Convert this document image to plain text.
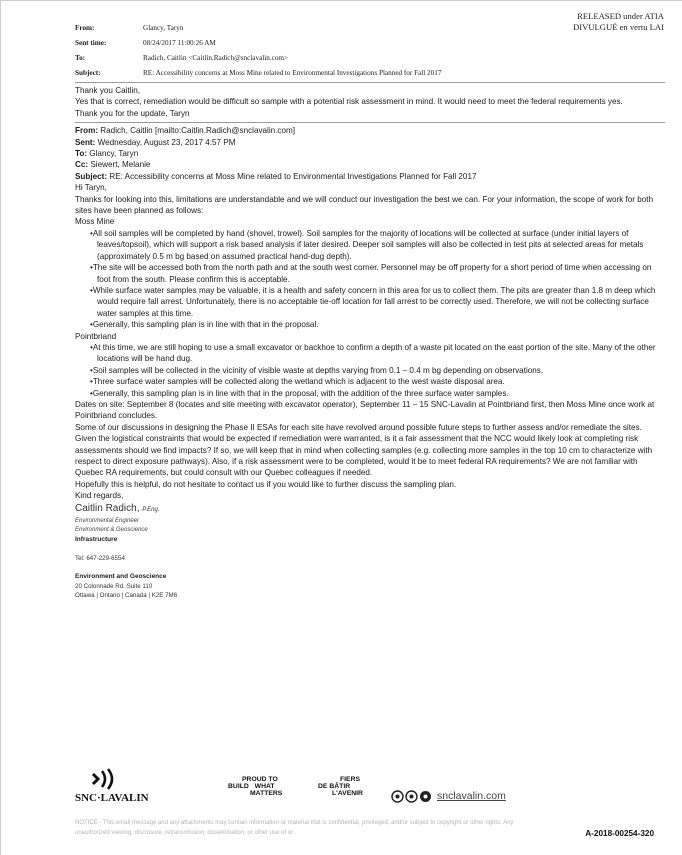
RELEASED under ATIA
DIVULGUÉ en vertu LAI
From:	Glancy, Taryn
Sent time:	08/24/2017 11:00:26 AM
To:	Radich, Caitlin <Caitlin.Radich@snclavalin.com>
Subject:	RE: Accessibility concerns at Moss Mine related to Environmental Investigations Planned for Fall 2017

Thank you Caitlin,

Yes that is correct, remediation would be difficult so sample with a potential risk assessment in mind. It would need to meet the federal requirements yes.

Thank you for the update, Taryn

From: Radich, Caitlin [mailto:Caitlin.Radich@snclavalin.com]

Sent: Wednesday, August 23, 2017 4:57 PM

To: Glancy, Taryn

Cc: Siewert, Melanie

Subject: RE: Accessibility concerns at Moss Mine related to Environmental Investigations Planned for Fall 2017

Hi Taryn,

Thanks for looking into this, limitations are understandable and we will conduct our investigation the best we can. For your information, the scope of work for both sites have been planned as follows:

Moss Mine

•All soil samples will be completed by hand (shovel, trowel). Soil samples for the majority of locations will be collected at surface (under initial layers of leaves/topsoil), which will support a risk based analysis if later desired. Deeper soil samples will also be collected in test pits at selected areas for metals (approximately 0.5 m bg based on assumed practical hand-dug depth).

•The site will be accessed both from the north path and at the south west corner. Personnel may be off property for a short period of time when accessing on foot from the south. Please confirm this is acceptable.

•While surface water samples may be valuable, it is a health and safety concern in this area for us to collect them. The pits are greater than 1.8 m deep which would require fall arrest. Unfortunately, there is no acceptable tie-off location for fall arrest to be correctly used. Therefore, we will not be collecting surface water samples at this time.

•Generally, this sampling plan is in line with that in the proposal.

Pointbriand

•At this time, we are still hoping to use a small excavator or backhoe to confirm a depth of a waste pit located on the east portion of the site. Many of the other locations will be hand dug.

•Soil samples will be collected in the vicinity of visible waste at depths varying from 0.1 – 0.4 m bg depending on observations.

•Three surface water samples will be collected along the wetland which is adjacent to the west waste disposal area.

•Generally, this sampling plan is in line with that in the proposal, with the addition of the three surface water samples.

Dates on site: September 8 (locates and site meeting with excavator operator), September 11 – 15 SNC-Lavalin at Pointbriand first, then Moss Mine once work at Pointbriand concludes.

Some of our discussions in designing the Phase II ESAs for each site have revolved around possible future steps to further assess and/or remediate the sites. Given the logistical constraints that would be expected if remediation were warranted, is it a fair assessment that the NCC would likely look at completing risk assessments should we find impacts? If so, we will keep that in mind when collecting samples (e.g. collecting more samples in the top 10 cm to characterize with respect to direct exposure pathways). Also, if a risk assessment were to be completed, would it be to meet federal RA requirements? We are not familiar with Quebec RA requirements, but could consult with our Quebec colleagues if needed.

Hopefully this is helpful, do not hesitate to contact us if you would like to further discuss the sampling plan.

Kind regards,

Caitlin Radich, P.Eng.
Environmental Engineer
Environment & Geoscience
Infrastructure
Tel: 647-229-6554
Environment and Geoscience
20 Colonnade Rd. Suite 110
Ottawa | Ontario | Canada | K2E 7M6
SNC·LAVALIN
PROUD TO
BUILD WHAT
MATTERS
FIERS
DE BÂTIR
L'AVENIR	snclavalin.com
NOTICE - This email message and any attachments may contain information or material that is confidential, privileged, and/or subject to copyright or other rights. Any unauthorized viewing, disclosure, retransmission, dissemination, or other use of or	A-2018-00254-320
